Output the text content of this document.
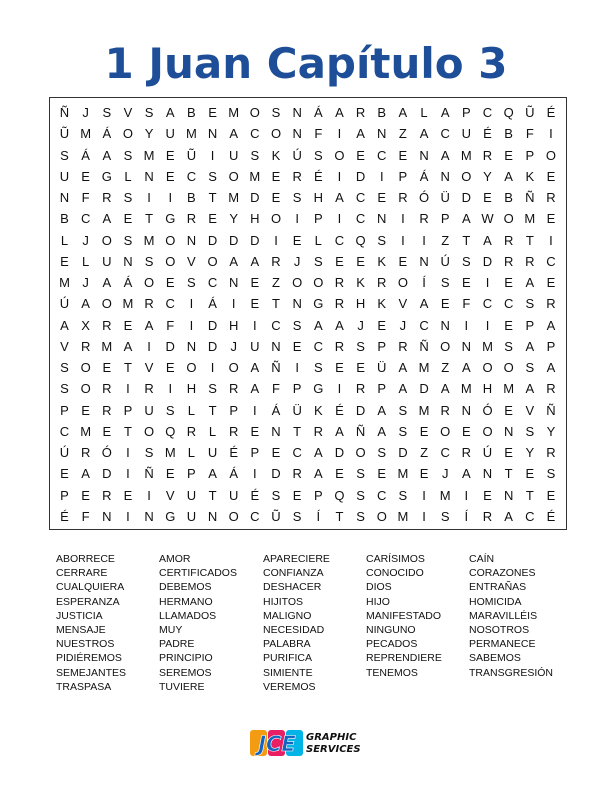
1 Juan Capítulo 3
Ñ	J	S V S A B E M O S N Á A R B A	L	A P C Q Ũ É
Ũ M Á O Y U M N A C O N F	I	A N Z A C U É B F	I
S Á A S M E Ũ	I	U S K Ú S O E C E N A M R E P O
U E G L N E C S O M E R É	I	D	I	P Á N O Y A K E
N F R S	I	I	B T M D E S H A C E R Ó Ü D E B Ñ R
B C A E T G R E Y H O	I	P	I	C N	I	R P A W O M E
L	J O S M O N D D D	I	E	L C Q S	I	I	Z	T A R T	I
E	L U N S O V O A A R	J	S E E K E N Ú S D R R C
M J	A Á O E S C N E Z O O R K R O	Í	S E	I	E A E
Ú A O M R C	I	Á	I	E T N G R H K V A E F C C S R
A X R E A F	I	D H	I	C S A A	J	E	J	C N	I	I	E P A
V R M A	I	D N D	J	U N E C R S P R Ñ O N M S A P
S O E T V E O	I	O A Ñ	I	S E E Ü A M Z A O O S A
S O R	I	R	I	H S R A F P G	I	R P A D A M H M A R
P E R P U S	L	T P	I	Á Ü K É D A S M R N Ó E V Ñ
C M E T O Q R L R E N T R A Ñ A S E O E O N S Y
Ú R Ó	I	S M L U É P E C A D O S D Z C R Ú E Y R
E A D	I	Ñ E P A Á	I	D R A E S E M E	J	A N T E S
P E R E	I	V U T U É S E P Q S C S	I	M	I	E N T E
É F N	I	N G U N O C Ũ S	Í	T S O M	I	S	Í	R A C É
ABORRECE
CERRARE
CUALQUIERA
ESPERANZA
JUSTICIA
MENSAJE
NUESTROS
PIDIÉREMOS
SEMEJANTES
TRASPASA
AMOR
CERTIFICADOS
DEBEMOS
HERMANO
LLAMADOS
MUY
PADRE
PRINCIPIO
SEREMOS
TUVIERE
APARECIERE
CONFIANZA
DESHACER
HIJITOS
MALIGNO
NECESIDAD
PALABRA
PURIFICA
SIMIENTE
VEREMOS
CARÍSIMOS
CONOCIDO
DIOS
HIJO
MANIFESTADO
NINGUNO
PECADOS
REPRENDIERE
TENEMOS
CAÍN
CORAZONES
ENTRAÑAS
HOMICIDA
MARAVILLÉIS
NOSOTROS
PERMANECE
SABEMOS
TRANSGRESIÓN
JCE GRAPHIC
SERVICES
